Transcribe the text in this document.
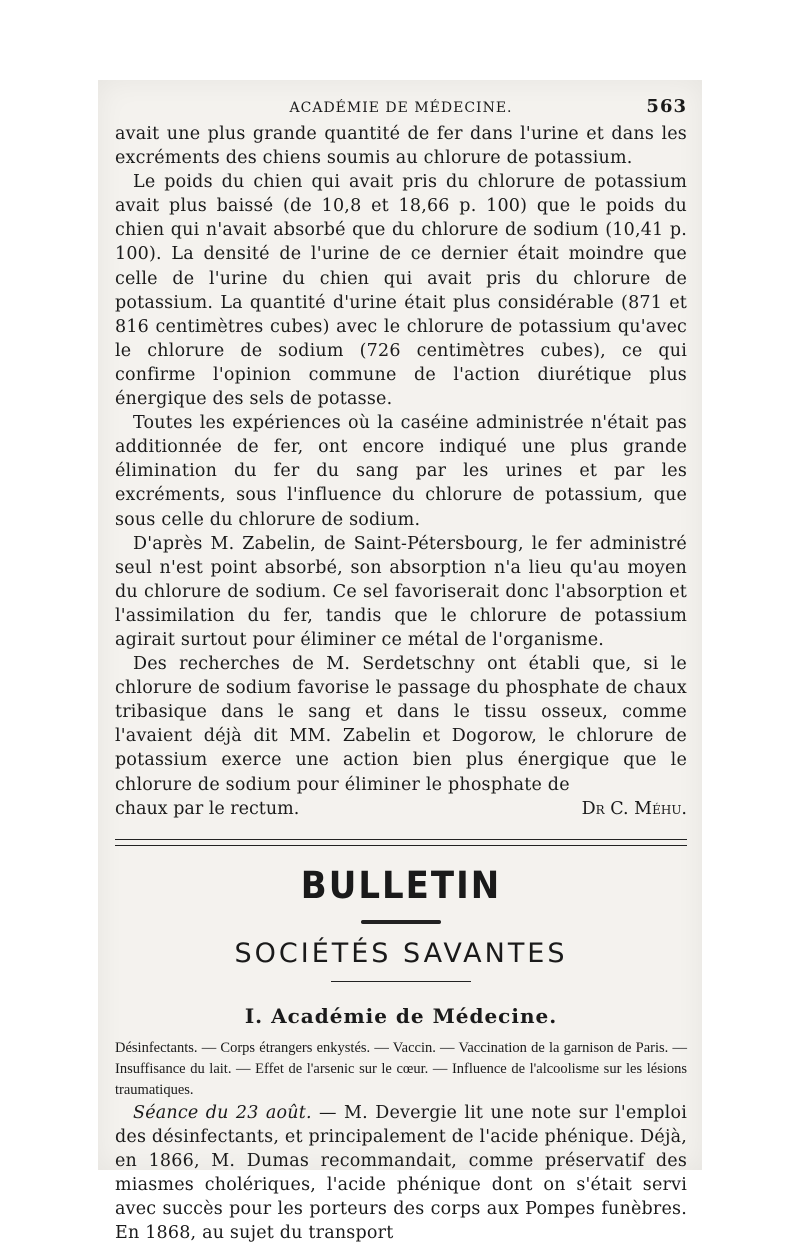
ACADÉMIE DE MÉDECINE.	563

avait une plus grande quantité de fer dans l'urine et dans les excréments des chiens soumis au chlorure de potassium.

Le poids du chien qui avait pris du chlorure de potassium avait plus baissé (de 10,8 et 18,66 p. 100) que le poids du chien qui n'avait absorbé que du chlorure de sodium (10,41 p. 100). La densité de l'urine de ce dernier était moindre que celle de l'urine du chien qui avait pris du chlorure de potassium. La quantité d'urine était plus considérable (871 et 816 centimètres cubes) avec le chlorure de potassium qu'avec le chlorure de sodium (726 centimètres cubes), ce qui confirme l'opinion commune de l'action diurétique plus énergique des sels de potasse.

Toutes les expériences où la caséine administrée n'était pas additionnée de fer, ont encore indiqué une plus grande élimination du fer du sang par les urines et par les excréments, sous l'influence du chlorure de potassium, que sous celle du chlorure de sodium.

D'après M. Zabelin, de Saint-Pétersbourg, le fer administré seul n'est point absorbé, son absorption n'a lieu qu'au moyen du chlorure de sodium. Ce sel favoriserait donc l'absorption et l'assimilation du fer, tandis que le chlorure de potassium agirait surtout pour éliminer ce métal de l'organisme.

Des recherches de M. Serdetschny ont établi que, si le chlorure de sodium favorise le passage du phosphate de chaux tribasique dans le sang et dans le tissu osseux, comme l'avaient déjà dit MM. Zabelin et Dogorow, le chlorure de potassium exerce une action bien plus énergique que le chlorure de sodium pour éliminer le phosphate de

chaux par le rectum.	Dr C. Méhu.
BULLETIN
SOCIÉTÉS SAVANTES
I. Académie de Médecine.

Désinfectants. — Corps étrangers enkystés. — Vaccin. — Vaccination de la garnison de Paris. — Insuffisance du lait. — Effet de l'arsenic sur le cœur. — Influence de l'alcoolisme sur les lésions traumatiques.

Séance du 23 août. — M. Devergie lit une note sur l'emploi des désinfectants, et principalement de l'acide phénique. Déjà, en 1866, M. Dumas recommandait, comme préservatif des miasmes cholériques, l'acide phénique dont on s'était servi avec succès pour les porteurs des corps aux Pompes funèbres. En 1868, au sujet du transport
